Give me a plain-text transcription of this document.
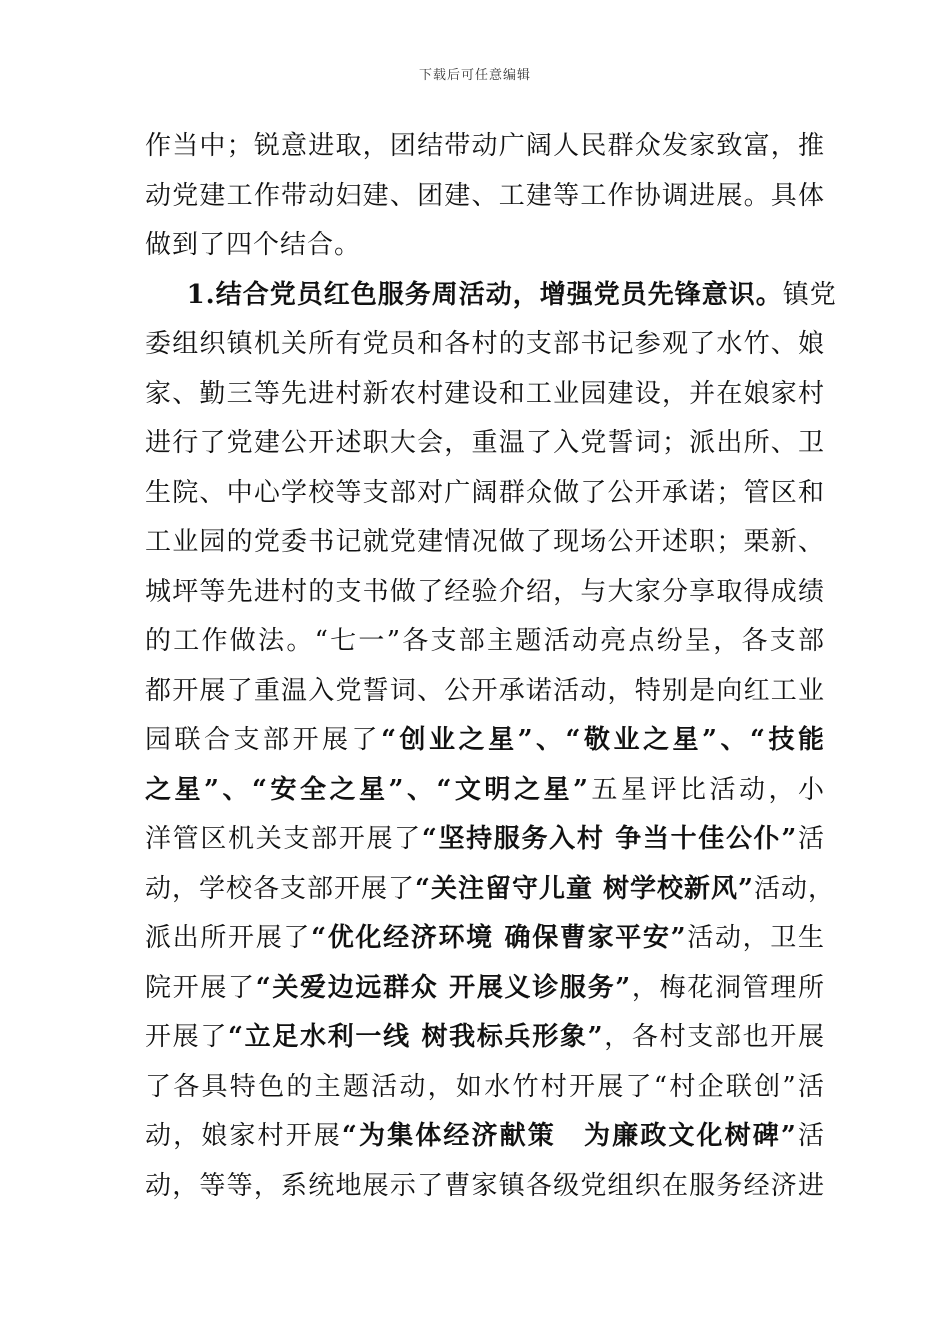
下载后可任意编辑
作当中；锐意进取，团结带动广阔人民群众发家致富，推
动党建工作带动妇建、团建、工建等工作协调进展。具体
做到了四个结合。
1.结合党员红色服务周活动，增强党员先锋意识。镇党
委组织镇机关所有党员和各村的支部书记参观了水竹、娘
家、勤三等先进村新农村建设和工业园建设，并在娘家村
进行了党建公开述职大会，重温了入党誓词；派出所、卫
生院、中心学校等支部对广阔群众做了公开承诺；管区和
工业园的党委书记就党建情况做了现场公开述职；栗新、
城坪等先进村的支书做了经验介绍，与大家分享取得成绩
的工作做法。“七一”各支部主题活动亮点纷呈，各支部
都开展了重温入党誓词、公开承诺活动，特别是向红工业
园联合支部开展了“创业之星”、“敬业之星”、“技能
之星”、“安全之星”、“文明之星”五星评比活动，小
洋管区机关支部开展了“坚持服务入村 争当十佳公仆”活
动，学校各支部开展了“关注留守儿童 树学校新风”活动，
派出所开展了“优化经济环境 确保曹家平安”活动，卫生
院开展了“关爱边远群众 开展义诊服务”，梅花洞管理所
开展了“立足水利一线 树我标兵形象”，各村支部也开展
了各具特色的主题活动，如水竹村开展了“村企联创”活
动，娘家村开展“为集体经济献策　为廉政文化树碑”活
动，等等，系统地展示了曹家镇各级党组织在服务经济进
